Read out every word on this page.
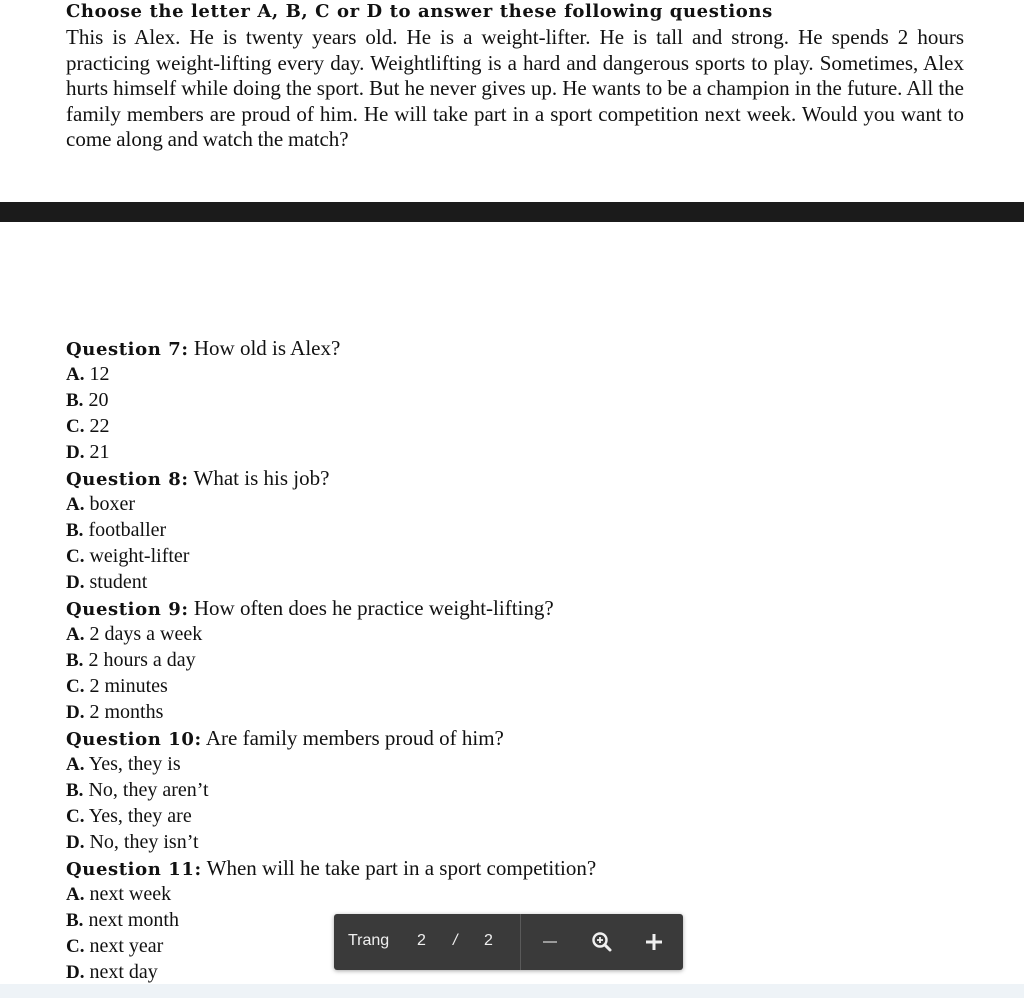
Choose the letter A, B, C or D to answer these following questions

This is Alex. He is twenty years old. He is a weight-lifter. He is tall and strong. He spends 2 hours practicing weight-lifting every day. Weightlifting is a hard and dangerous sports to play. Sometimes, Alex hurts himself while doing the sport. But he never gives up. He wants to be a champion in the future. All the family members are proud of him. He will take part in a sport competition next week. Would you want to come along and watch the match?

Question 7: How old is Alex?
A. 12
B. 20
C. 22
D. 21
Question 8: What is his job?
A. boxer
B. footballer
C. weight-lifter
D. student
Question 9: How often does he practice weight-lifting?
A. 2 days a week
B. 2 hours a day
C. 2 minutes
D. 2 months
Question 10: Are family members proud of him?
A. Yes, they is
B. No, they aren’t
C. Yes, they are
D. No, they isn’t
Question 11: When will he take part in a sport competition?
A. next week
B. next month
C. next year
D. next day
Trang 2 / 2
